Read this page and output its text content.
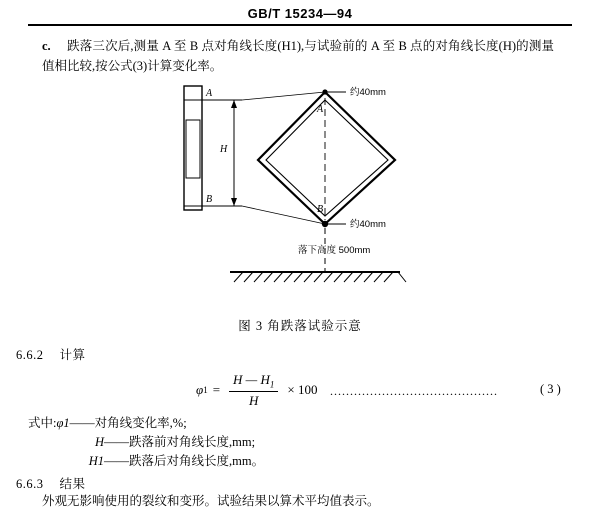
GB/T 15234—94
c. 跌落三次后,测量 A 至 B 点对角线长度(H1),与试验前的 A 至 B 点的对角线长度(H)的测量值相比较,按公式(3)计算变化率。
A
B
H
A
B
约40mm
约40mm
落下高度 500mm
图 3 角跌落试验示意
6.6.2 计算
φ $1 = \frac{H — H_1}{H} \times 100$ ..........................................	( 3 )
式中:φ1——对角线变化率,%;
H——跌落前对角线长度,mm;
H1——跌落后对角线长度,mm。
6.6.3 结果
外观无影响使用的裂纹和变形。试验结果以算术平均值表示。
